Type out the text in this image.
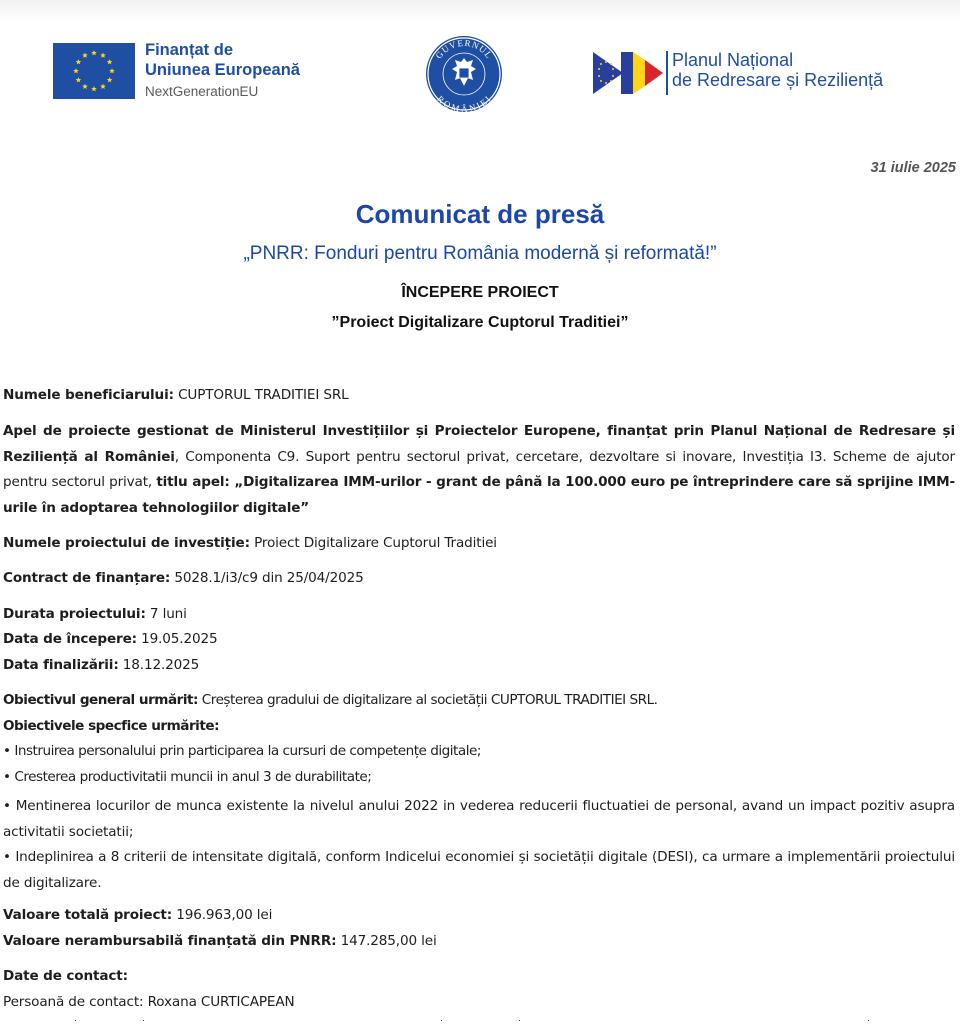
Finanțat de
Uniunea Europeană
NextGenerationEU
GUVERNUL
ROMÂNIEI
Planul Național
de Redresare și Reziliență
31 iulie 2025
Comunicat de presă
„PNRR: Fonduri pentru România modernă și reformată!”
ÎNCEPERE PROIECT
”Proiect Digitalizare Cuptorul Traditiei”
Numele beneficiarului: CUPTORUL TRADITIEI SRL
Apel de proiecte gestionat de Ministerul Investițiilor și Proiectelor Europene, finanțat prin Planul Național de Redresare și Reziliență al României, Componenta C9. Suport pentru sectorul privat, cercetare, dezvoltare si inovare, Investiția I3. Scheme de ajutor pentru sectorul privat, titlu apel: „Digitalizarea IMM-urilor - grant de până la 100.000 euro pe întreprindere care să sprijine IMM-urile în adoptarea tehnologiilor digitale”
Numele proiectului de investiție: Proiect Digitalizare Cuptorul Traditiei
Contract de finanțare: 5028.1/i3/c9 din 25/04/2025
Durata proiectului: 7 luni
Data de începere: 19.05.2025
Data finalizării: 18.12.2025
Obiectivul general urmărit: Creșterea gradului de digitalizare al societății CUPTORUL TRADITIEI SRL.
Obiectivele specfice urmărite:
• Instruirea personalului prin participarea la cursuri de competențe digitale;
• Cresterea productivitatii muncii in anul 3 de durabilitate;
• Mentinerea locurilor de munca existente la nivelul anului 2022 in vederea reducerii fluctuatiei de personal, avand un impact pozitiv asupra activitatii societatii;
• Indeplinirea a 8 criterii de intensitate digitală, conform Indicelui economiei și societății digitale (DESI), ca urmare a implementării proiectului de digitalizare.
Valoare totală proiect: 196.963,00 lei
Valoare nerambursabilă finanțată din PNRR: 147.285,00 lei
Date de contact:
Persoană de contact: Roxana CURTICAPEAN
